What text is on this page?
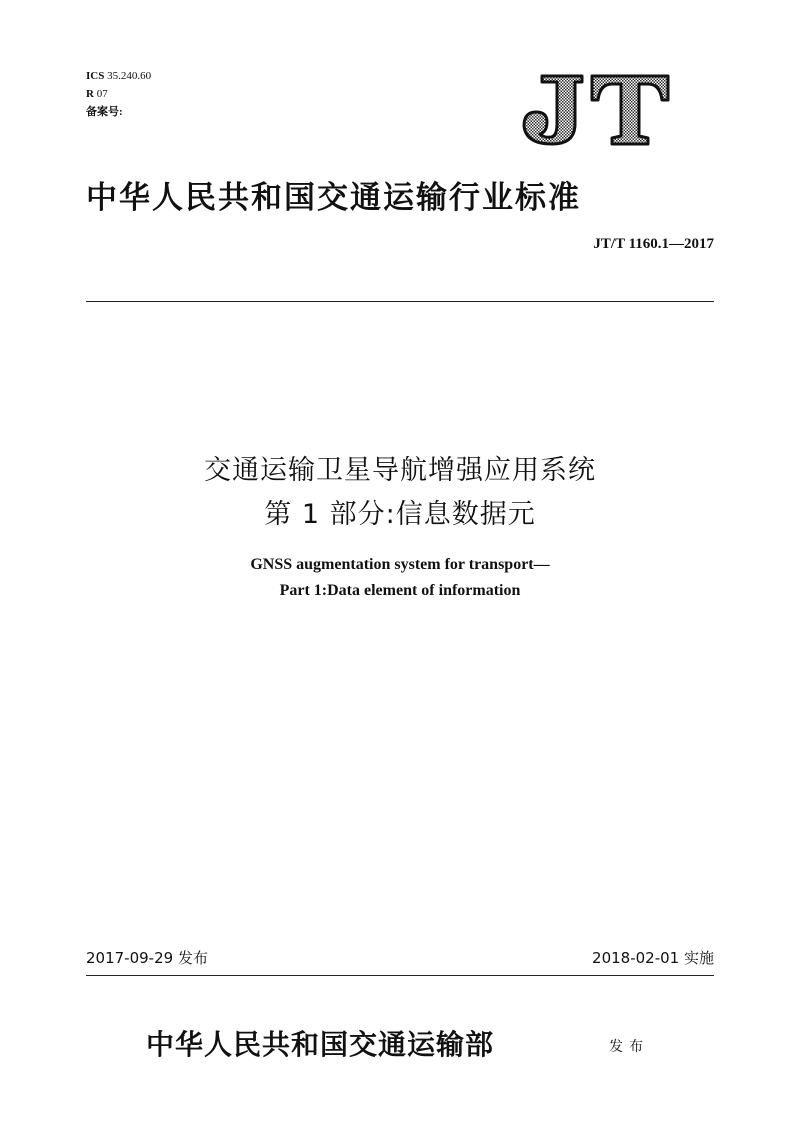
ICS 35.240.60
R 07
备案号:
中华人民共和国交通运输行业标准
JT/T 1160.1—2017
交通运输卫星导航增强应用系统
第 1 部分:信息数据元
GNSS augmentation system for transport—
Part 1:Data element of information
2017-09-29 发布	2018-02-01 实施
中华人民共和国交通运输部	发布
